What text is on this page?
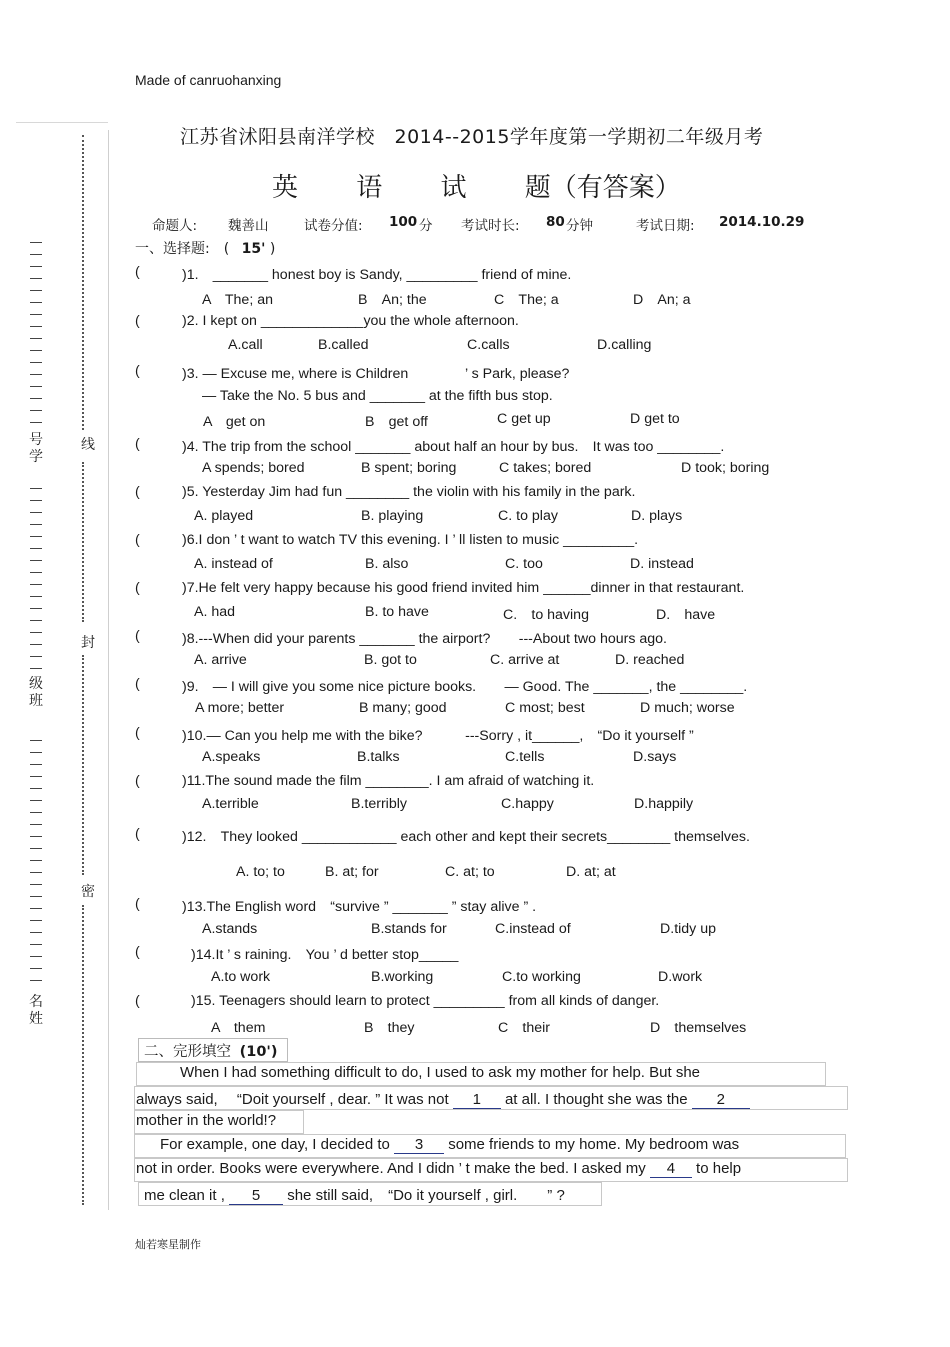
线
封
密
号
学
级
班
名
姓
Made of canruohanxing
江苏省沭阳县南洋学校　2014--2015学年度第一学期初二年级月考
英 语 试 题（有答案）
命题人: 魏善山	试卷分值: 100 分 考试时长: 80 分钟	考试日期: 2014.10.29
一、选择题:　( 15' )
(	)1.　_______ honest boy is Sandy, _________ friend of mine.
A　The; an	B　An; the	C　The; a	D　An; a
(	)2. I kept on _____________you the whole afternoon.
A.call	B.called	C.calls	D.calling
(	)3. — Excuse me, where is Children　　　　’ s Park, please?
— Take the No. 5 bus and _______ at the fifth bus stop.
A　get on	B　get off	C get up	D get to
(	)4. The trip from the school _______ about half an hour by bus.　It was too ________.
A spends; bored	B spent; boring	C takes; bored	D took; boring
(	)5. Yesterday Jim had fun ________ the violin with his family in the park.
A. played	B. playing	C. to play	D. plays
(	)6.I don ’ t want to watch TV this evening. I ’ ll listen to music _________.
A. instead of	B. also	C. too	D. instead
(	)7.He felt very happy because his good friend invited him ______dinner in that restaurant.
A. had	B. to have	C.　to having	D.　have
(	)8.---When did your parents _______ the airport?　　---About two hours ago.
A. arrive	B. got to	C. arrive at	D. reached
(	)9.　— I will give you some nice picture books.　　— Good. The _______, the ________.
A more; better	B many; good	C most; best	D much; worse
(	)10.— Can you help me with the bike?　　　---Sorry , it______,　“Do it yourself ”
A.speaks	B.talks	C.tells	D.says
(	)11.The sound made the film ________. I am afraid of watching it.
A.terrible	B.terribly	C.happy	D.happily
(	)12.　They looked ____________ each other and kept their secrets________ themselves.
A. to; to	B. at; for	C. at; to	D. at; at
(	)13.The English word　“survive ” _______ ” stay alive ” .
A.stands	B.stands for	C.instead of	D.tidy up
(	)14.It ’ s raining.　You ’ d better stop_____
A.to work	B.working	C.to working	D.work
(	)15. Teenagers should learn to protect _________ from all kinds of danger.
A　them	B　they	C　their	D　themselves
二、完形填空 (10')
When I had something difficult to do, I used to ask my mother for help. But she
always said,　 “Doit yourself , dear. ” It was not 1 at all. I thought she was the 2
mother in the world!?
For example, one day, I decided to 3 some friends to my home. My bedroom was
not in order. Books were everywhere. And I didn ’ t make the bed. I asked my 4 to help
me clean it , 5 she still said,　“Do it yourself , girl.　　” ?
灿若寒星制作
